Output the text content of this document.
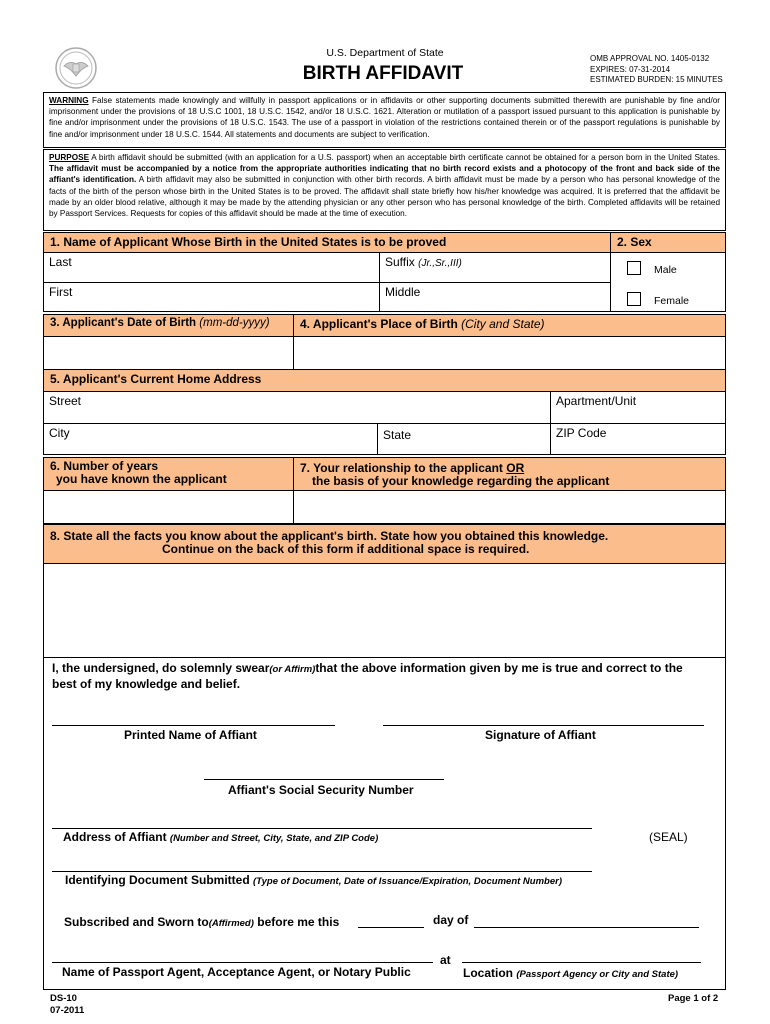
U.S. Department of State
BIRTH AFFIDAVIT
OMB APPROVAL NO. 1405-0132
EXPIRES: 07-31-2014
ESTIMATED BURDEN: 15 MINUTES
WARNING False statements made knowingly and willfully in passport applications or in affidavits or other supporting documents submitted therewith are punishable by fine and/or imprisonment under the provisions of 18 U.S.C 1001, 18 U.S.C. 1542, and/or 18 U.S.C. 1621. Alteration or mutilation of a passport issued pursuant to this application is punishable by fine and/or imprisonment under the provisions of 18 U.S.C. 1543. The use of a passport in violation of the restrictions contained therein or of the passport regulations is punishable by fine and/or imprisonment under 18 U.S.C. 1544. All statements and documents are subject to verification.
PURPOSE A birth affidavit should be submitted (with an application for a U.S. passport) when an acceptable birth certificate cannot be obtained for a person born in the United States. The affidavit must be accompanied by a notice from the appropriate authorities indicating that no birth record exists and a photocopy of the front and back side of the affiant's identification. A birth affidavit may also be submitted in conjunction with other birth records. A birth affidavit must be made by a person who has personal knowledge of the facts of the birth of the person whose birth in the United States is to be proved. The affidavit shall state briefly how his/her knowledge was acquired. It is preferred that the affidavit be made by an older blood relative, although it may be made by the attending physician or any other person who has personal knowledge of the birth. Completed affidavits will be retained by Passport Services. Requests for copies of this affidavit should be made at the time of execution.
1. Name of Applicant Whose Birth in the United States is to be proved	2. Sex
Last	Suffix (Jr.,Sr.,III)
First	Middle
Male
Female
3. Applicant's Date of Birth (mm-dd-yyyy)	4. Applicant's Place of Birth (City and State)
5. Applicant's Current Home Address
Street	Apartment/Unit
City	State	ZIP Code
6. Number of years
you have known the applicant
7. Your relationship to the applicant OR
the basis of your knowledge regarding the applicant
8. State all the facts you know about the applicant's birth. State how you obtained this knowledge.
Continue on the back of this form if additional space is required.
I, the undersigned, do solemnly swear(or Affirm)that the above information given by me is true and correct to the
best of my knowledge and belief.
Printed Name of Affiant	Signature of Affiant
Affiant's Social Security Number
Address of Affiant (Number and Street, City, State, and ZIP Code)	(SEAL)
Identifying Document Submitted (Type of Document, Date of Issuance/Expiration, Document Number)
Subscribed and Sworn to(Affirmed) before me this	day of
at
Name of Passport Agent, Acceptance Agent, or Notary Public	Location (Passport Agency or City and State)
DS-10
07-2011
Page 1 of 2
